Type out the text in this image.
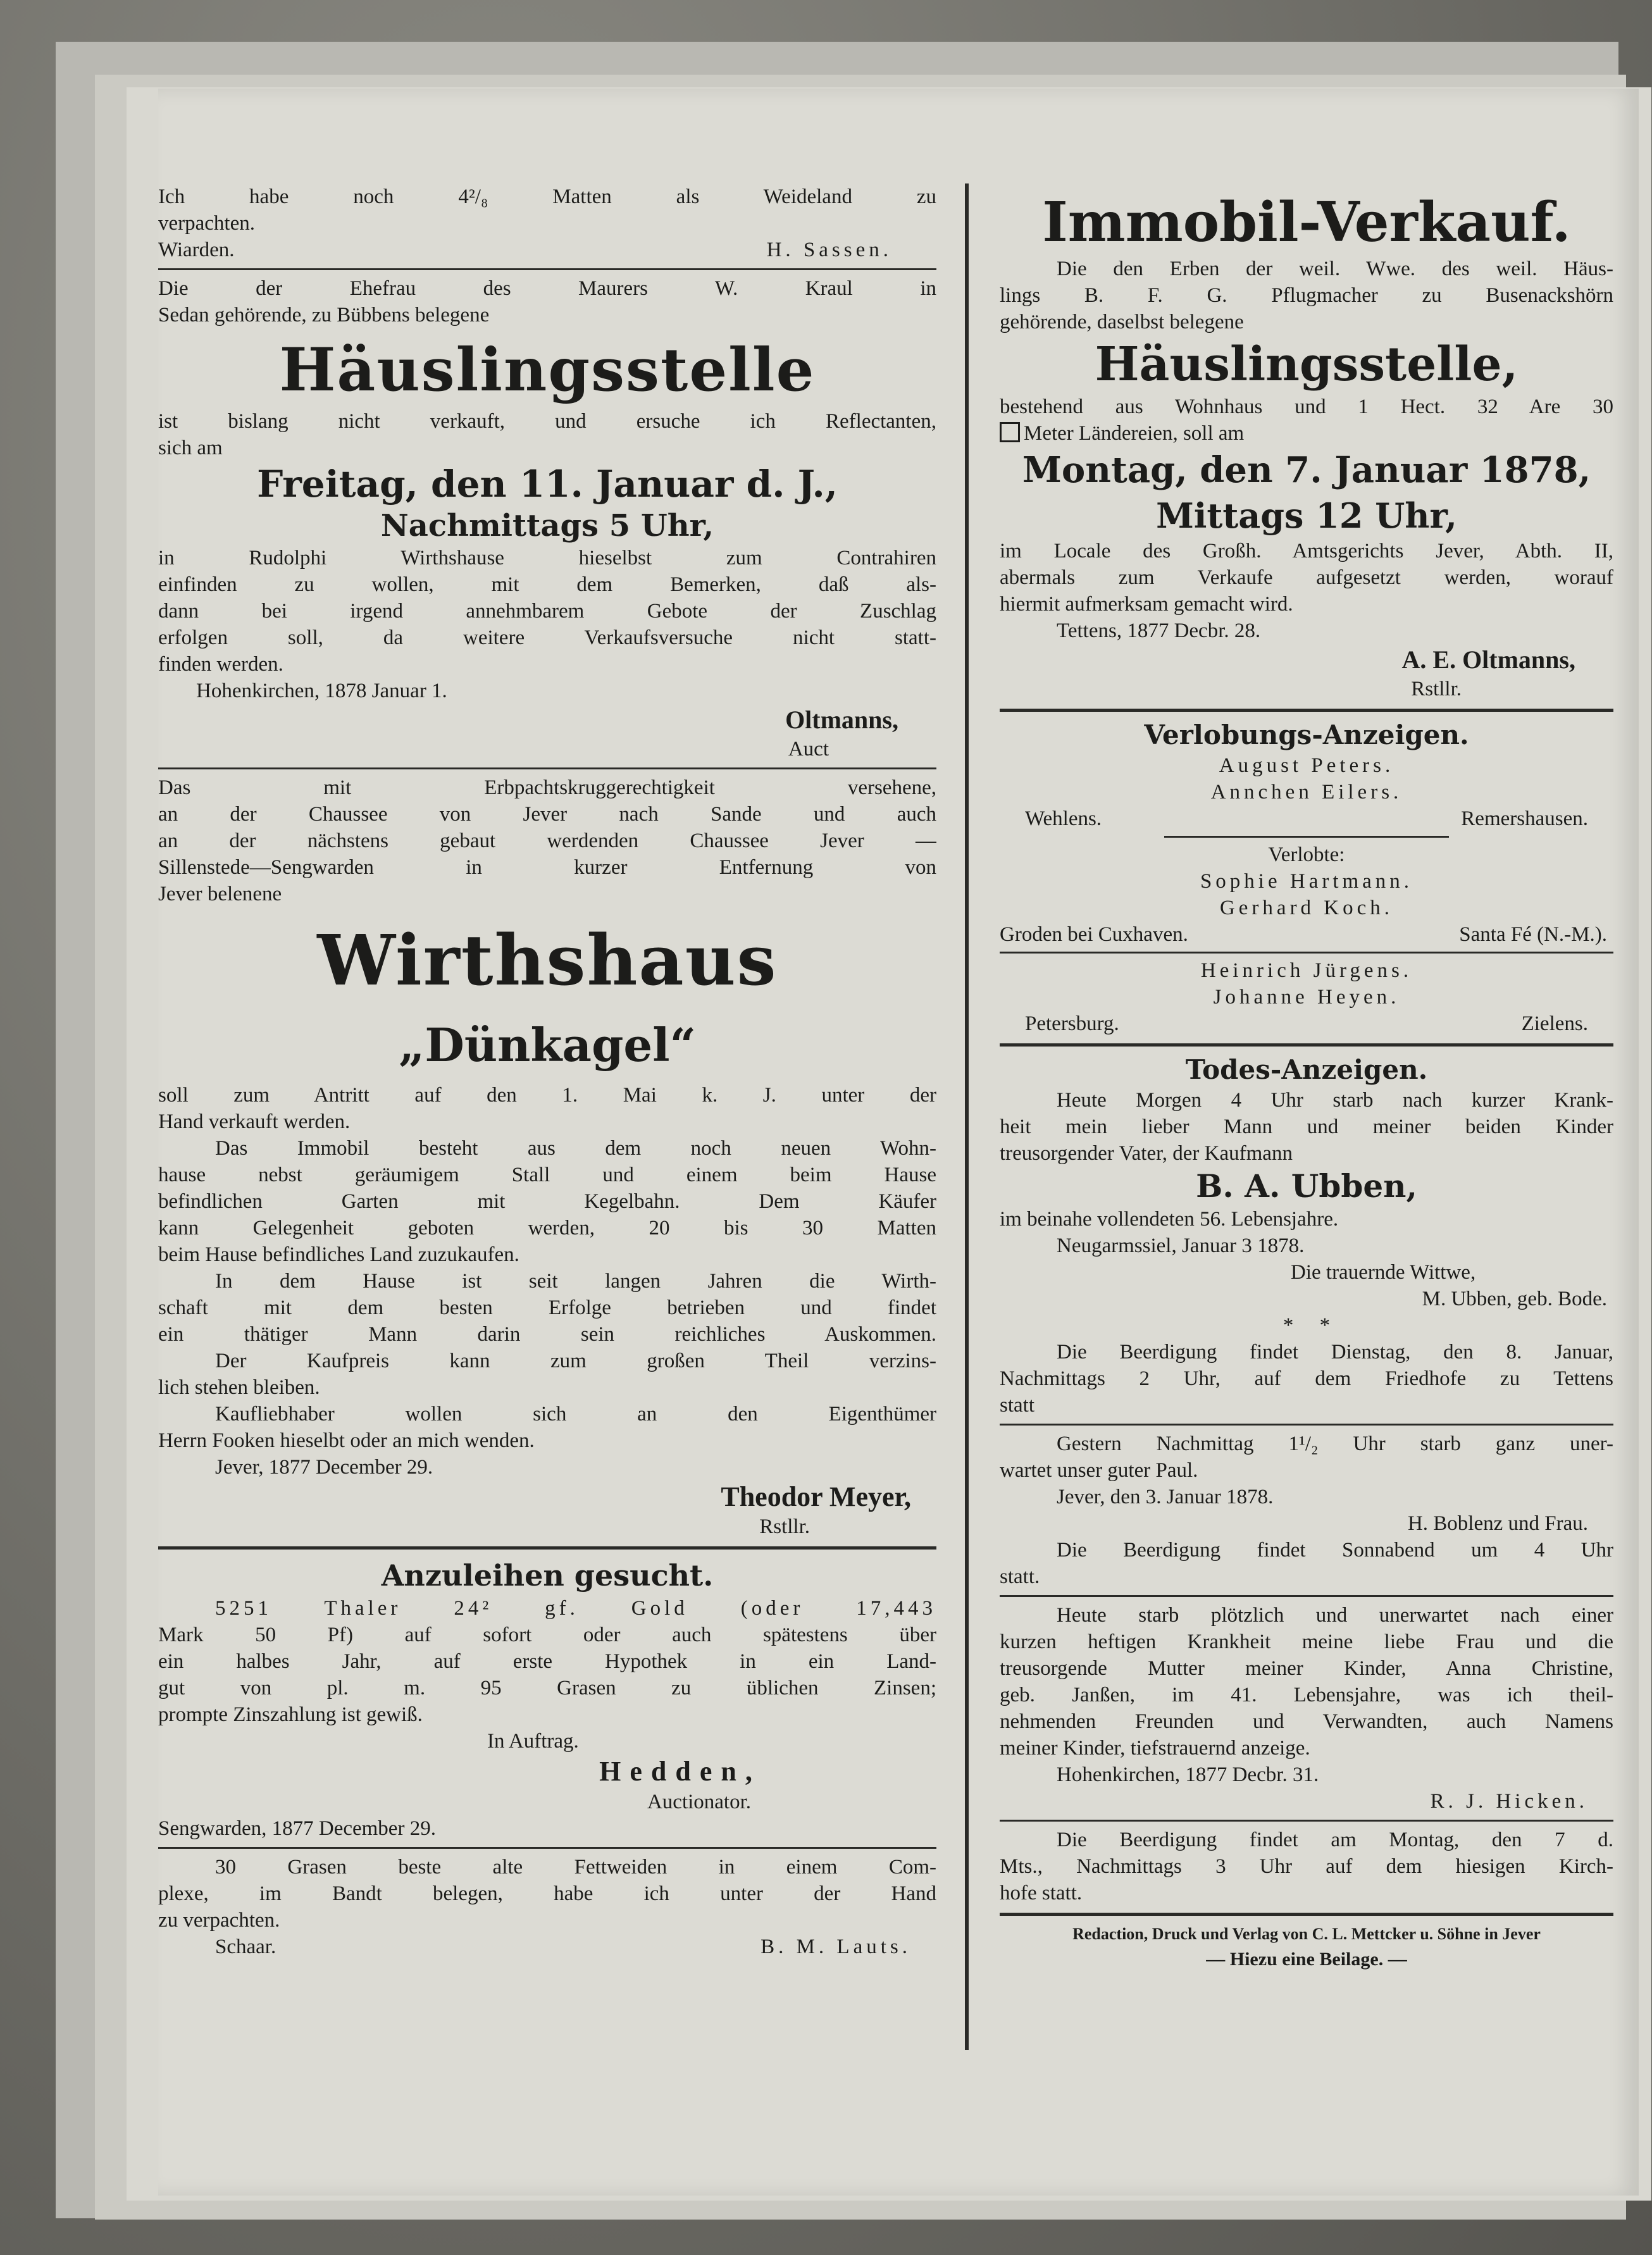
Ich habe noch 4²/₈ Matten als Weideland zu

verpachten.

Wiarden.	H. Sassen.

Die der Ehefrau des Maurers W. Kraul in

Sedan gehörende, zu Bübbens belegene

Häuslingsstelle

ist bislang nicht verkauft, und ersuche ich Reflectanten,

sich am

Freitag, den 11. Januar d. J.,

Nachmittags 5 Uhr,

in Rudolphi Wirthshause hieselbst zum Contrahiren

einfinden zu wollen, mit dem Bemerken, daß als-

dann bei irgend annehmbarem Gebote der Zuschlag

erfolgen soll, da weitere Verkaufsversuche nicht statt-

finden werden.

Hohenkirchen, 1878 Januar 1.

Oltmanns,

Auct

Das mit Erbpachtskruggerechtigkeit versehene,

an der Chaussee von Jever nach Sande und auch

an der nächstens gebaut werdenden Chaussee Jever —

Sillenstede—Sengwarden in kurzer Entfernung von

Jever belenene

Wirthshaus

„Dünkagel“

soll zum Antritt auf den 1. Mai k. J. unter der

Hand verkauft werden.

Das Immobil besteht aus dem noch neuen Wohn-

hause nebst geräumigem Stall und einem beim Hause

befindlichen Garten mit Kegelbahn. Dem Käufer

kann Gelegenheit geboten werden, 20 bis 30 Matten

beim Hause befindliches Land zuzukaufen.

In dem Hause ist seit langen Jahren die Wirth-

schaft mit dem besten Erfolge betrieben und findet

ein thätiger Mann darin sein reichliches Auskommen.

Der Kaufpreis kann zum großen Theil verzins-

lich stehen bleiben.

Kaufliebhaber wollen sich an den Eigenthümer

Herrn Fooken hieselbt oder an mich wenden.

Jever, 1877 December 29.

Theodor Meyer,

Rstllr.

Anzuleihen gesucht.

5251 Thaler 24² gf. Gold (oder 17,443

Mark 50 Pf) auf sofort oder auch spätestens über

ein halbes Jahr, auf erste Hypothek in ein Land-

gut von pl. m. 95 Grasen zu üblichen Zinsen;

prompte Zinszahlung ist gewiß.

In Auftrag.

Hedden,

Auctionator.

Sengwarden, 1877 December 29.

30 Grasen beste alte Fettweiden in einem Com-

plexe, im Bandt belegen, habe ich unter der Hand

zu verpachten.

Schaar.	B. M. Lauts.

Immobil-Verkauf.

Die den Erben der weil. Wwe. des weil. Häus-

lings B. F. G. Pflugmacher zu Busenackshörn

gehörende, daselbst belegene

Häuslingsstelle,

bestehend aus Wohnhaus und 1 Hect. 32 Are 30

Meter Ländereien, soll am

Montag, den 7. Januar 1878,

Mittags 12 Uhr,

im Locale des Großh. Amtsgerichts Jever, Abth. II,

abermals zum Verkaufe aufgesetzt werden, worauf

hiermit aufmerksam gemacht wird.

Tettens, 1877 Decbr. 28.

A. E. Oltmanns,

Rstllr.

Verlobungs-Anzeigen.

August Peters.

Annchen Eilers.

Wehlens.	Remershausen.

Verlobte:

Sophie Hartmann.

Gerhard Koch.

Groden bei Cuxhaven.	Santa Fé (N.-M.).

Heinrich Jürgens.

Johanne Heyen.

Petersburg.	Zielens.

Todes-Anzeigen.

Heute Morgen 4 Uhr starb nach kurzer Krank-

heit mein lieber Mann und meiner beiden Kinder

treusorgender Vater, der Kaufmann

B. A. Ubben,

im beinahe vollendeten 56. Lebensjahre.

Neugarmssiel, Januar 3 1878.

Die trauernde Wittwe,

M. Ubben, geb. Bode.

*     *

Die Beerdigung findet Dienstag, den 8. Januar,

Nachmittags 2 Uhr, auf dem Friedhofe zu Tettens

statt

Gestern Nachmittag 1¹/₂ Uhr starb ganz uner-

wartet unser guter Paul.

Jever, den 3. Januar 1878.

H. Boblenz und Frau.

Die Beerdigung findet Sonnabend um 4 Uhr

statt.

Heute starb plötzlich und unerwartet nach einer

kurzen heftigen Krankheit meine liebe Frau und die

treusorgende Mutter meiner Kinder, Anna Christine,

geb. Janßen, im 41. Lebensjahre, was ich theil-

nehmenden Freunden und Verwandten, auch Namens

meiner Kinder, tiefstrauernd anzeige.

Hohenkirchen, 1877 Decbr. 31.

R. J. Hicken.

Die Beerdigung findet am Montag, den 7 d.

Mts., Nachmittags 3 Uhr auf dem hiesigen Kirch-

hofe statt.

Redaction, Druck und Verlag von C. L. Mettcker u. Söhne in Jever

— Hiezu eine Beilage. —
